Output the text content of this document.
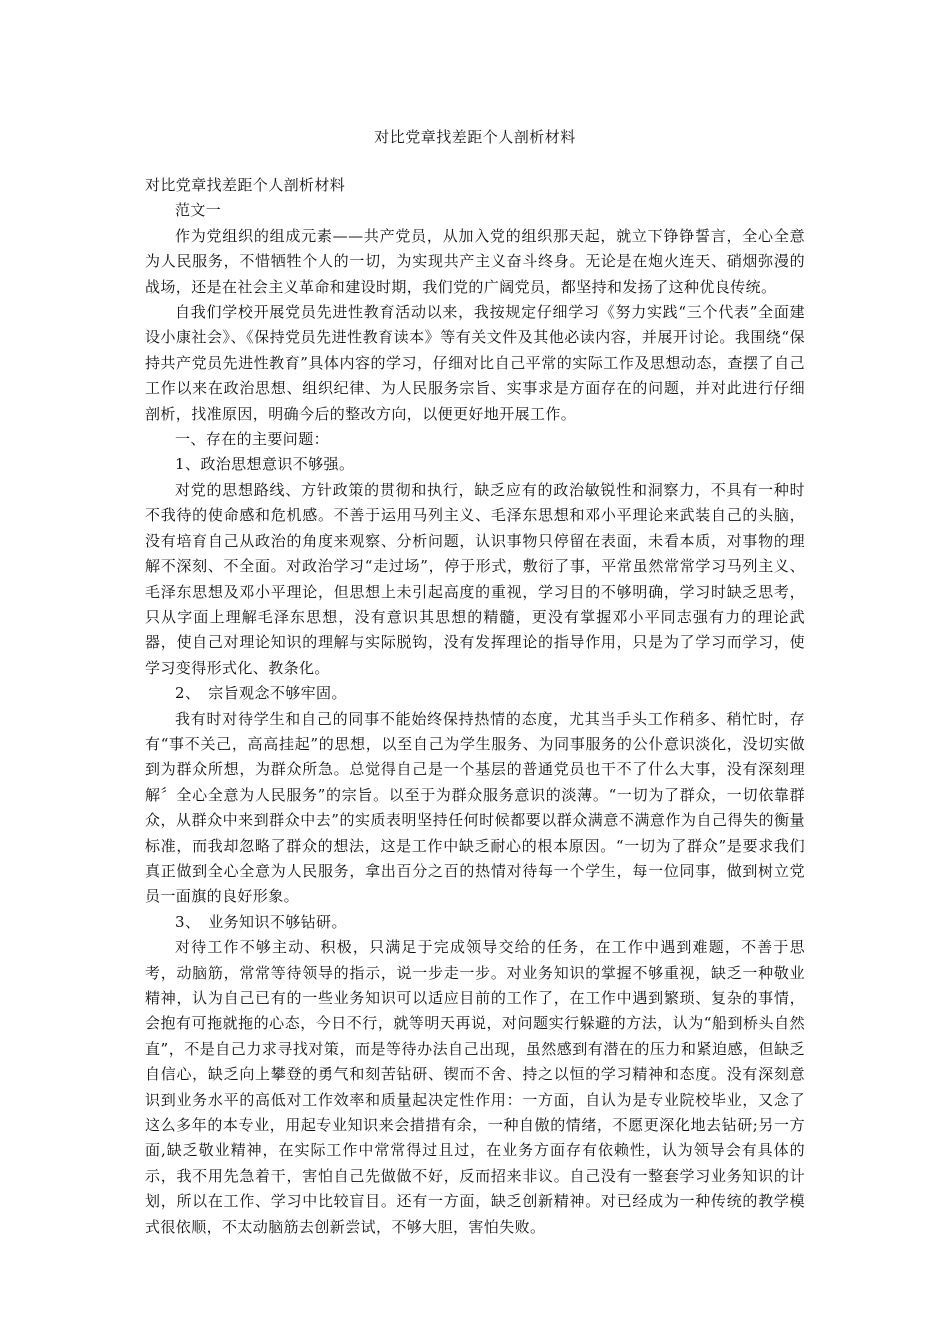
对比党章找差距个人剖析材料

对比党章找差距个人剖析材料

范文一

作为党组织的组成元素——共产党员，从加入党的组织那天起，就立下铮铮誓言，全心全意为人民服务，不惜牺牲个人的一切，为实现共产主义奋斗终身。无论是在炮火连天、硝烟弥漫的战场，还是在社会主义革命和建设时期，我们党的广阔党员，都坚持和发扬了这种优良传统。

自我们学校开展党员先进性教育活动以来，我按规定仔细学习《努力实践“三个代表”全面建设小康社会》、《保持党员先进性教育读本》等有关文件及其他必读内容，并展开讨论。我围绕“保持共产党员先进性教育”具体内容的学习，仔细对比自己平常的实际工作及思想动态，查摆了自己工作以来在政治思想、组织纪律、为人民服务宗旨、实事求是方面存在的问题，并对此进行仔细剖析，找准原因，明确今后的整改方向，以便更好地开展工作。

一、存在的主要问题：

1、政治思想意识不够强。

对党的思想路线、方针政策的贯彻和执行，缺乏应有的政治敏锐性和洞察力，不具有一种时不我待的使命感和危机感。不善于运用马列主义、毛泽东思想和邓小平理论来武装自己的头脑，没有培育自己从政治的角度来观察、分析问题，认识事物只停留在表面，未看本质，对事物的理解不深刻、不全面。对政治学习“走过场”，停于形式，敷衍了事，平常虽然常常学习马列主义、毛泽东思想及邓小平理论，但思想上未引起高度的重视，学习目的不够明确，学习时缺乏思考，只从字面上理解毛泽东思想，没有意识其思想的精髓，更没有掌握邓小平同志强有力的理论武器，使自己对理论知识的理解与实际脱钩，没有发挥理论的指导作用，只是为了学习而学习，使学习变得形式化、教条化。

2、　宗旨观念不够牢固。

我有时对待学生和自己的同事不能始终保持热情的态度，尤其当手头工作稍多、稍忙时，存有“事不关己，高高挂起”的思想，以至自己为学生服务、为同事服务的公仆意识淡化，没切实做到为群众所想，为群众所急。总觉得自己是一个基层的普通党员也干不了什么大事，没有深刻理解〞全心全意为人民服务”的宗旨。以至于为群众服务意识的淡薄。“一切为了群众，一切依靠群众，从群众中来到群众中去”的实质表明坚持任何时候都要以群众满意不满意作为自己得失的衡量标准，而我却忽略了群众的想法，这是工作中缺乏耐心的根本原因。“一切为了群众”是要求我们真正做到全心全意为人民服务，拿出百分之百的热情对待每一个学生，每一位同事，做到树立党员一面旗的良好形象。

3、　业务知识不够钻研。

对待工作不够主动、积极，只满足于完成领导交给的任务，在工作中遇到难题，不善于思考，动脑筋，常常等待领导的指示，说一步走一步。对业务知识的掌握不够重视，缺乏一种敬业精神，认为自己已有的一些业务知识可以适应目前的工作了，在工作中遇到繁琐、复杂的事情，会抱有可拖就拖的心态，今日不行，就等明天再说，对问题实行躲避的方法，认为“船到桥头自然直”，不是自己力求寻找对策，而是等待办法自己出现，虽然感到有潜在的压力和紧迫感，但缺乏自信心，缺乏向上攀登的勇气和刻苦钻研、锲而不舍、持之以恒的学习精神和态度。没有深刻意识到业务水平的高低对工作效率和质量起决定性作用：一方面，自认为是专业院校毕业，又念了这么多年的本专业，用起专业知识来会措措有余，一种自傲的情绪，不愿更深化地去钻研;另一方面,缺乏敬业精神，在实际工作中常常得过且过，在业务方面存有依赖性，认为领导会有具体的示，我不用先急着干，害怕自己先做做不好，反而招来非议。自己没有一整套学习业务知识的计划，所以在工作、学习中比较盲目。还有一方面，缺乏创新精神。对已经成为一种传统的教学模式很依顺，不太动脑筋去创新尝试，不够大胆，害怕失败。
